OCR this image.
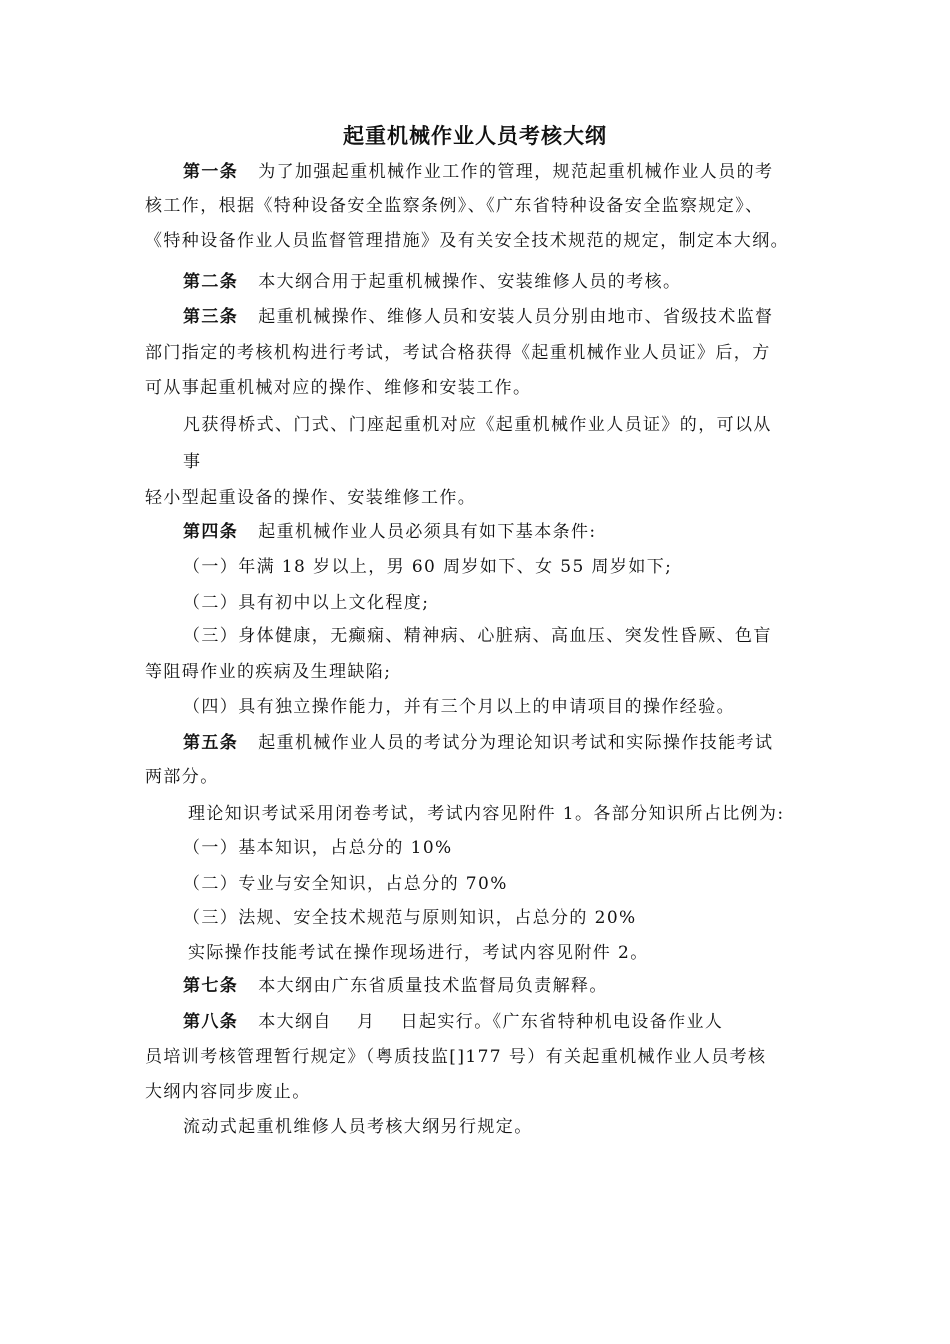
起重机械作业人员考核大纲
第一条 为了加强起重机械作业工作的管理，规范起重机械作业人员的考
核工作，根据《特种设备安全监察条例》、《广东省特种设备安全监察规定》、
《特种设备作业人员监督管理措施》及有关安全技术规范的规定，制定本大纲。
第二条 本大纲合用于起重机械操作、安装维修人员的考核。
第三条 起重机械操作、维修人员和安装人员分别由地市、省级技术监督
部门指定的考核机构进行考试，考试合格获得《起重机械作业人员证》后，方
可从事起重机械对应的操作、维修和安装工作。
凡获得桥式、门式、门座起重机对应《起重机械作业人员证》的，可以从
事
轻小型起重设备的操作、安装维修工作。
第四条 起重机械作业人员必须具有如下基本条件:
（一）年满 18 岁以上，男 60 周岁如下、女 55 周岁如下;
（二）具有初中以上文化程度;
（三）身体健康，无癫痫、精神病、心脏病、高血压、突发性昏厥、色盲
等阻碍作业的疾病及生理缺陷;
（四）具有独立操作能力，并有三个月以上的申请项目的操作经验。
第五条 起重机械作业人员的考试分为理论知识考试和实际操作技能考试
两部分。
理论知识考试采用闭卷考试，考试内容见附件 1。各部分知识所占比例为:
（一）基本知识，占总分的 10%
（二）专业与安全知识，占总分的 70%
（三）法规、安全技术规范与原则知识，占总分的 20%
实际操作技能考试在操作现场进行，考试内容见附件 2。
第七条 本大纲由广东省质量技术监督局负责解释。
第八条 本大纲自　 月　 日起实行。《广东省特种机电设备作业人
员培训考核管理暂行规定》（粤质技监[]177 号）有关起重机械作业人员考核
大纲内容同步废止。
流动式起重机维修人员考核大纲另行规定。
